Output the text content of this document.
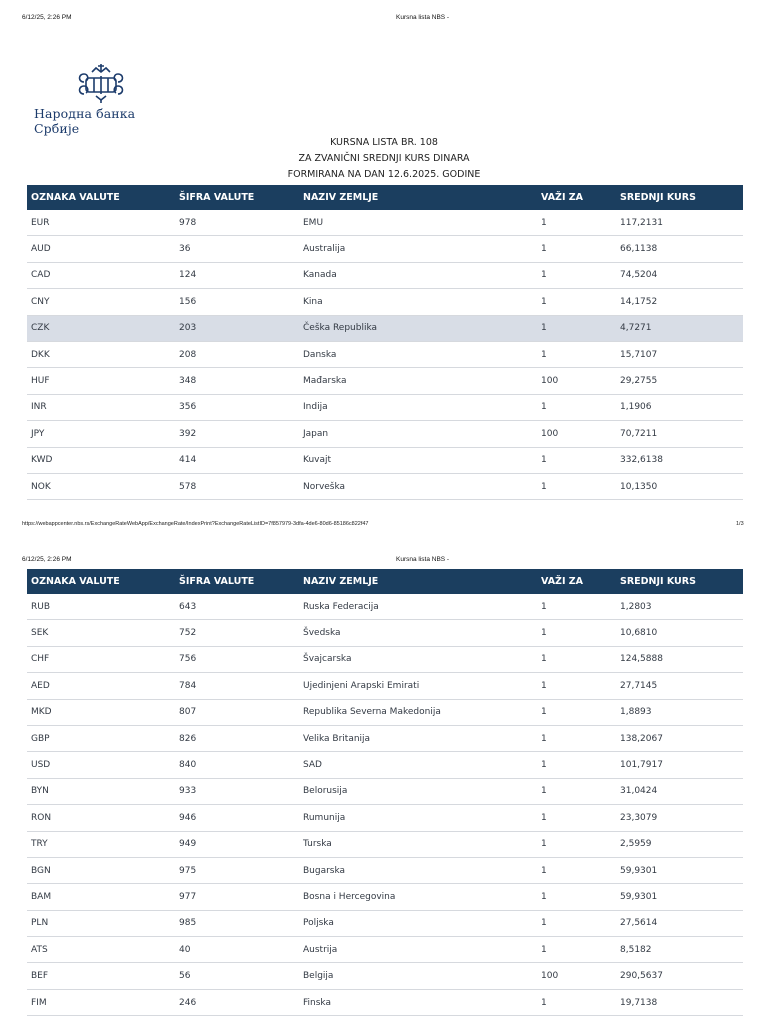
6/12/25, 2:26 PM	Kursna lista NBS -
Народна банка Србије
KURSNA LISTA BR. 108
ZA ZVANIČNI SREDNJI KURS DINARA
FORMIRANA NA DAN 12.6.2025. GODINE
OZNAKA VALUTE	ŠIFRA VALUTE	NAZIV ZEMLJE	VAŽI ZA	SREDNJI KURS
EUR	978	EMU	1	117,2131
AUD	36	Australija	1	66,1138
CAD	124	Kanada	1	74,5204
CNY	156	Kina	1	14,1752
CZK	203	Češka Republika	1	4,7271
DKK	208	Danska	1	15,7107
HUF	348	Mađarska	100	29,2755
INR	356	Indija	1	1,1906
JPY	392	Japan	100	70,7211
KWD	414	Kuvajt	1	332,6138
NOK	578	Norveška	1	10,1350
https://webappcenter.nbs.rs/ExchangeRateWebApp/ExchangeRate/IndexPrint?ExchangeRateListID=7f857979-3dfa-4de6-80d6-85186c822f47	1/3
6/12/25, 2:26 PM	Kursna lista NBS -
OZNAKA VALUTE	ŠIFRA VALUTE	NAZIV ZEMLJE	VAŽI ZA	SREDNJI KURS
RUB	643	Ruska Federacija	1	1,2803
SEK	752	Švedska	1	10,6810
CHF	756	Švajcarska	1	124,5888
AED	784	Ujedinjeni Arapski Emirati	1	27,7145
MKD	807	Republika Severna Makedonija	1	1,8893
GBP	826	Velika Britanija	1	138,2067
USD	840	SAD	1	101,7917
BYN	933	Belorusija	1	31,0424
RON	946	Rumunija	1	23,3079
TRY	949	Turska	1	2,5959
BGN	975	Bugarska	1	59,9301
BAM	977	Bosna i Hercegovina	1	59,9301
PLN	985	Poljska	1	27,5614
ATS	40	Austrija	1	8,5182
BEF	56	Belgija	100	290,5637
FIM	246	Finska	1	19,7138
